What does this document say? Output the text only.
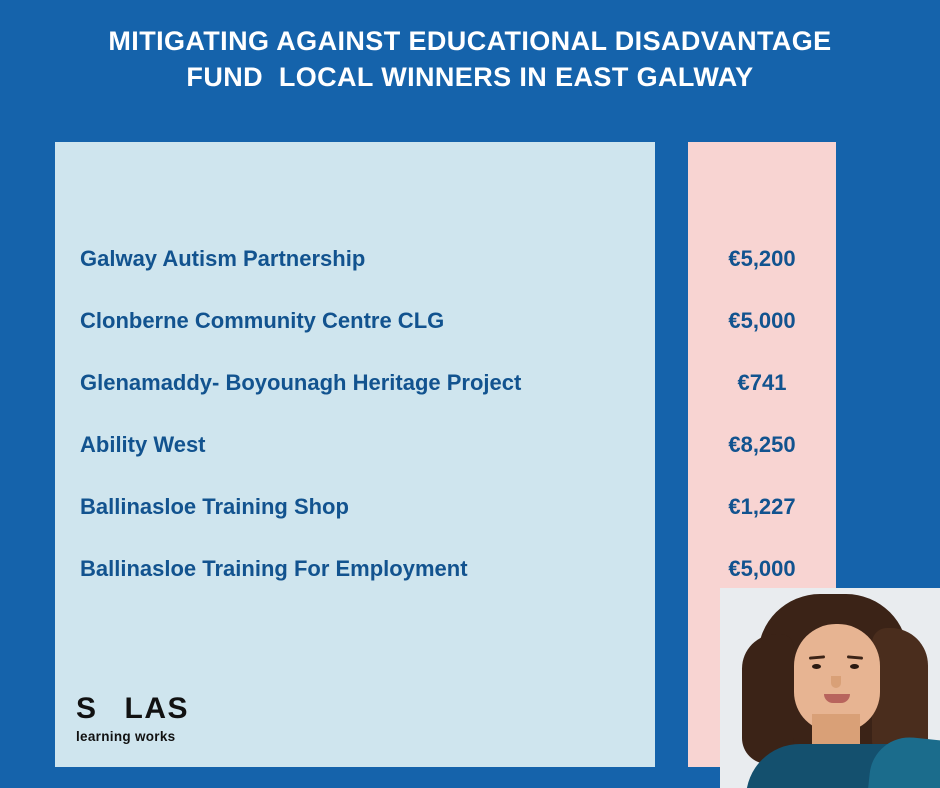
MITIGATING AGAINST EDUCATIONAL DISADVANTAGE
FUND  LOCAL WINNERS IN EAST GALWAY
Galway Autism Partnership	€5,200
Clonberne Community Centre CLG	€5,000
Glenamaddy- Boyounagh Heritage Project	€741
Ability West	€8,250
Ballinasloe Training Shop	€1,227
Ballinasloe Training For Employment	€5,000
S L A S
learning works
